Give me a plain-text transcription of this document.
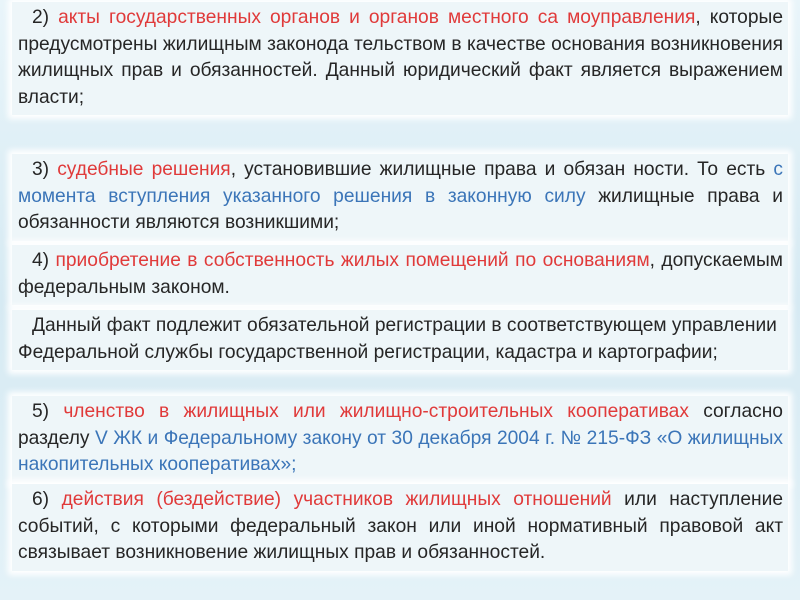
2) акты государственных органов и органов местного са моуправления, которые предусмотрены жилищным законода тельством в качестве основания возникновения жилищных прав и обязанностей. Данный юридический факт является выражением власти;
3) судебные решения, установившие жилищные права и обязан ности. То есть с момента вступления указанного решения в законную силу жилищные права и обязанности являются возникшими;
4) приобретение в собственность жилых помещений по основаниям, допускаемым федеральным законом.
Данный факт подлежит обязательной регистрации в соответствующем управлении Федеральной службы государственной регистрации, кадастра и картографии;
5) членство в жилищных или жилищно-строительных кооперативах согласно разделу V ЖК и Федеральному закону от 30 декабря 2004 г. № 215-ФЗ «О жилищных накопительных кооперативах»;
6) действия (бездействие) участников жилищных отношений или наступление событий, с которыми федеральный закон или иной нормативный правовой акт связывает возникновение жилищных прав и обязанностей.
